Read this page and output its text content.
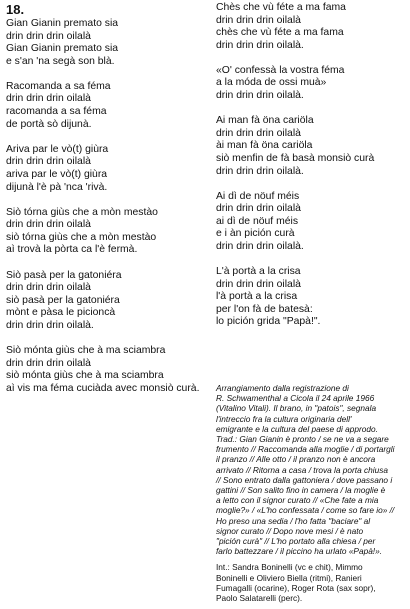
18.
Gian Gianin premato sia
drin drin drin oilalà
Gian Gianin premato sia
e s'an 'na segà son blà.
Racomanda a sa féma
drin drin drin oilalà
racomanda a sa féma
de portà sò dijunà.
Ariva par le vò(t) giùra
drin drin drin oilalà
ariva par le vò(t) giùra
dijunà l'è pà 'nca 'rivà.
Siò tórna giùs che a mòn mestào
drin drin drin oilalà
siò tórna giùs che a mòn mestào
aì trovà la pòrta ca l'è fermà.
Siò pasà per la gatoniéra
drin drin drin oilalà
siò pasà per la gatoniéra
mònt e pàsa le picioncà
drin drin drin oilalà.
Siò mónta giùs che à ma sciambra
drin drin drin oilalà
siò mónta giùs che à ma sciambra
aì vis ma féma cuciàda avec monsiò curà.
Chès che vù féte a ma fama
drin drin drin oilalà
chès che vù féte a ma fama
drin drin drin oilalà.
«O' confessà la vostra féma
a la móda de ossi muà»
drin drin drin oilalà.
Ai man fà öna cariöla
drin drin drin oilalà
ài man fà öna cariöla
siò menfin de fà basà monsiò curà
drin drin drin oilalà.
Ai dì de nöuf méis
drin drin drin oilalà
ai dì de nöuf méis
e i àn pición curà
drin drin drin oilalà.
L'à portà a la crisa
drin drin drin oilalà
l'à portà a la crisa
per l'on fà de batesà:
lo pición grida "Papà!".
Arrangiamento dalla registrazione di
R. Schwamenthal a Cicola il 24 aprile 1966
(Vitalino Vitali). Il brano, in "patois", segnala
l'intreccio fra la cultura originaria dell'
emigrante e la cultura del paese di approdo.
Trad.: Gian Gianin è pronto / se ne va a segare
frumento // Raccomanda alla moglie / di portargli
il pranzo // Alle otto / il pranzo non è ancora
arrivato // Ritorna a casa / trova la porta chiusa
// Sono entrato dalla gattoniera / dove passano i
gattini // Son salito fino in camera / la moglie è
a letto con il signor curato // «Che fate a mia
moglie?» / «L'ho confessata / come so fare io» //
Ho preso una sedia / l'ho fatta "baciare" al
signor curato // Dopo nove mesi / è nato
"pición curà" // L'ho portato alla chiesa / per
farlo battezzare / il piccino ha urlato «Papà!».
Int.: Sandra Boninelli (vc e chit), Mimmo
Boninelli e Oliviero Biella (ritmi), Ranieri
Fumagalli (ocarine), Roger Rota (sax sopr),
Paolo Salatarelli (perc).
